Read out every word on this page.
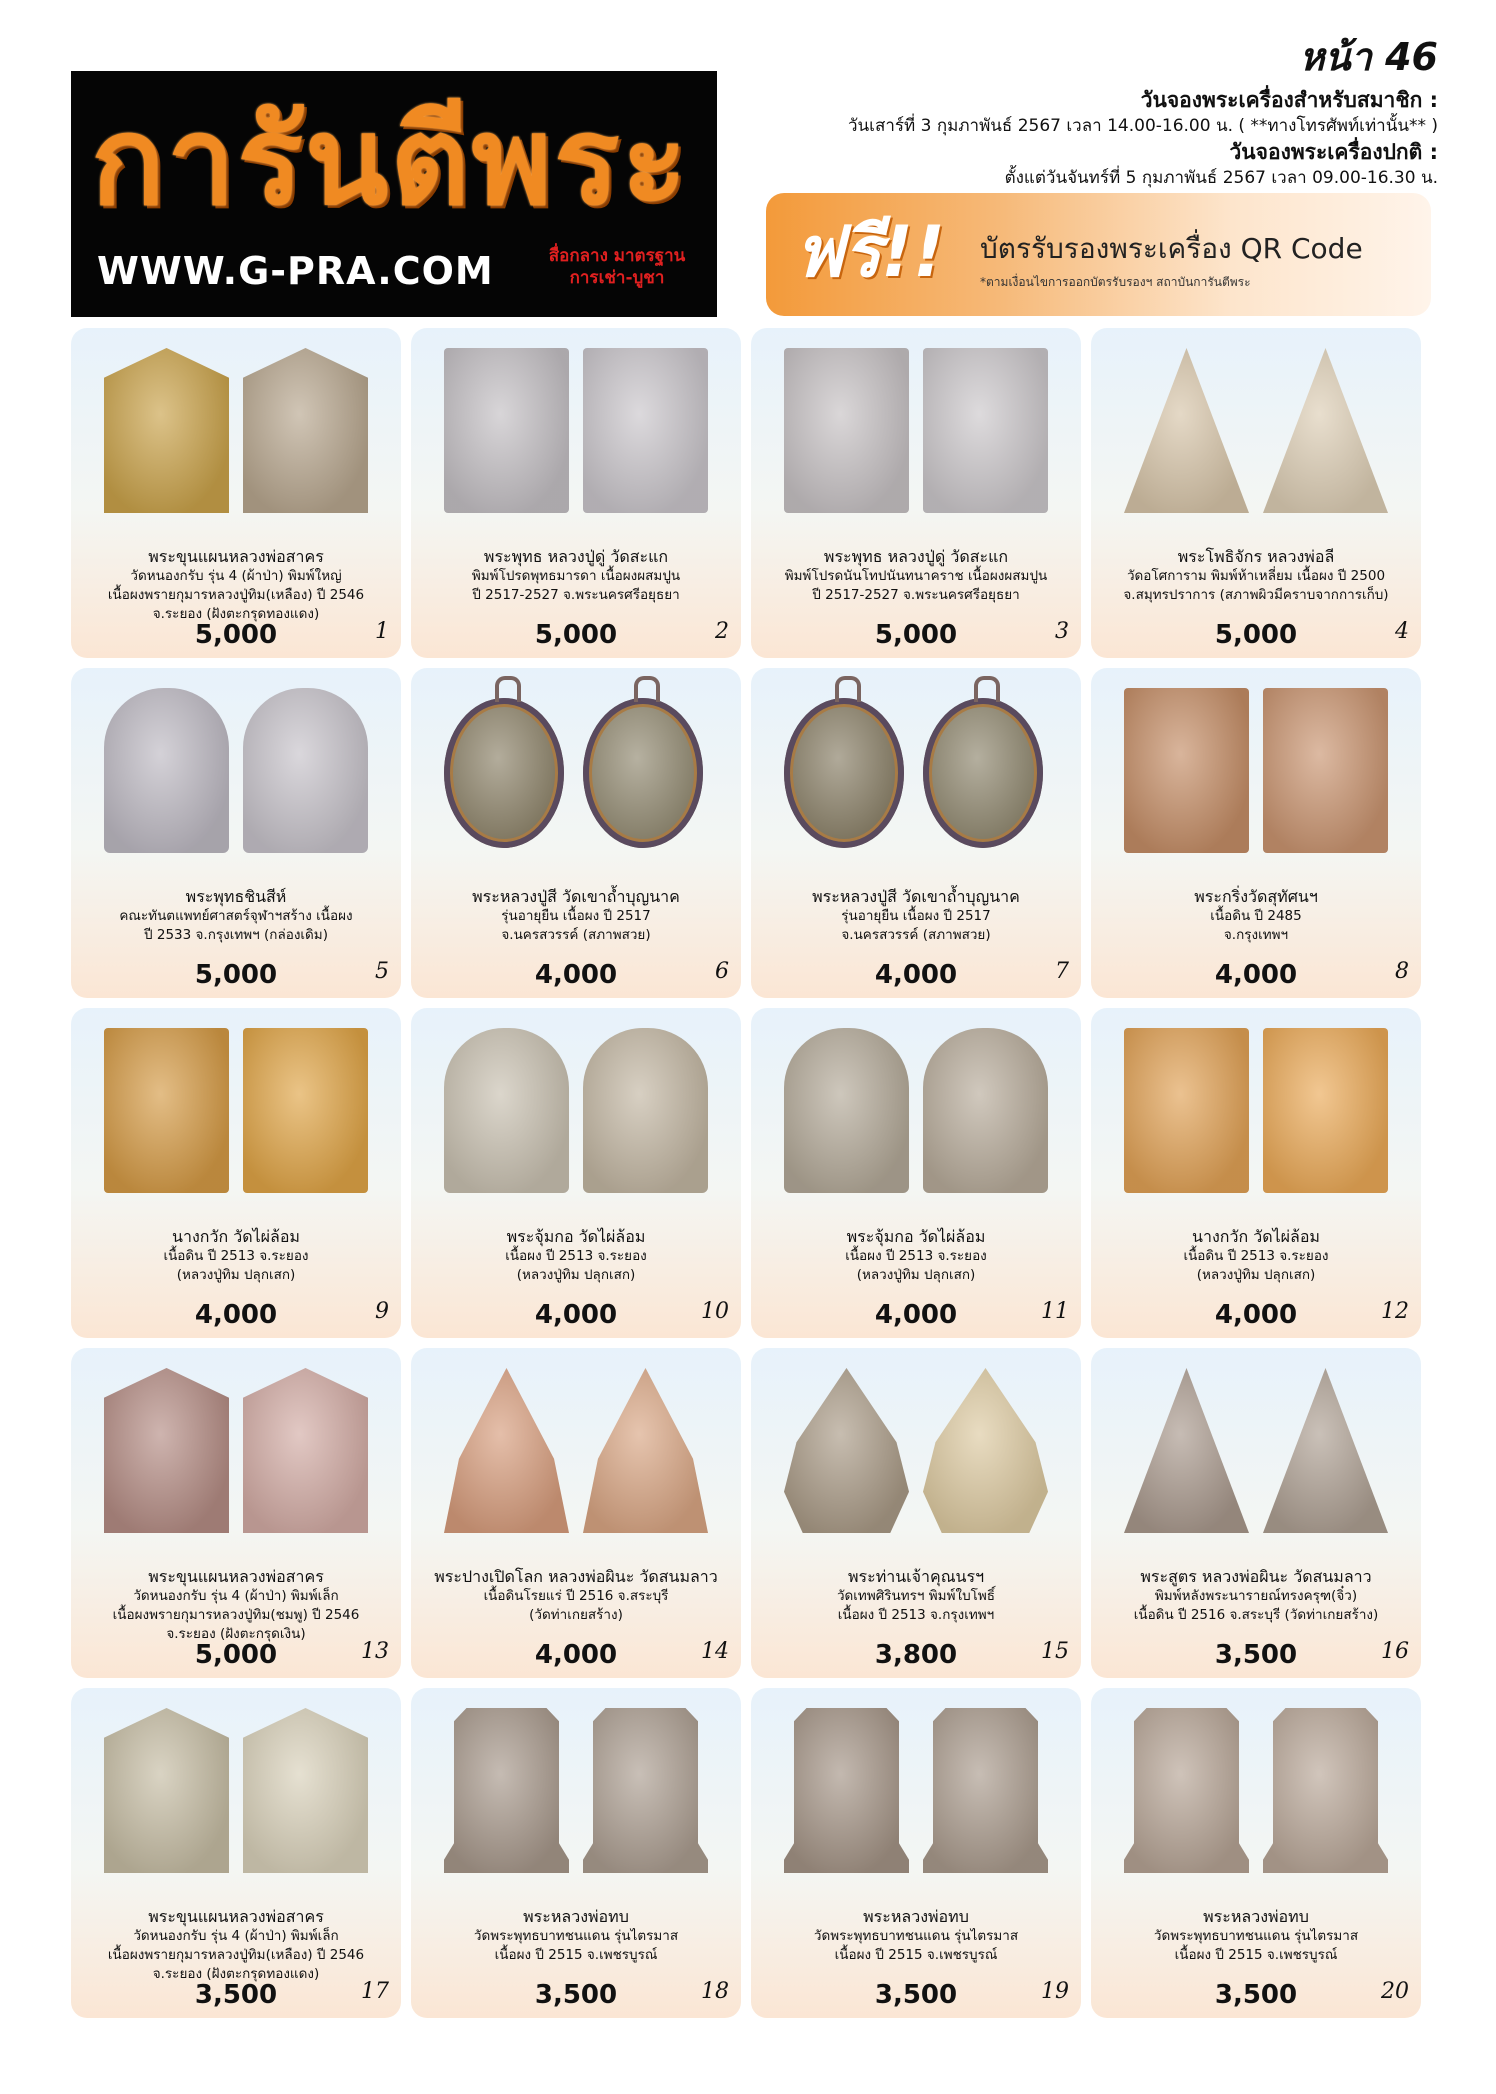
หน้า 46
การันตีพระ
WWW.G-PRA.COM	สื่อกลาง มาตรฐาน
การเช่า-บูชา
วันจองพระเครื่องสำหรับสมาชิก :
วันเสาร์ที่ 3 กุมภาพันธ์ 2567 เวลา 14.00-16.00 น. ( **ทางโทรศัพท์เท่านั้น** )
วันจองพระเครื่องปกติ :
ตั้งแต่วันจันทร์ที่ 5 กุมภาพันธ์ 2567 เวลา 09.00-16.30 น.
ฟรี!! บัตรรับรองพระเครื่อง QR Code
*ตามเงื่อนไขการออกบัตรรับรองฯ สถาบันการันตีพระ
พระขุนแผนหลวงพ่อสาคร
วัดหนองกรับ รุ่น 4 (ผ้าป่า) พิมพ์ใหญ่
เนื้อผงพรายกุมารหลวงปู่ทิม(เหลือง) ปี 2546
จ.ระยอง (ฝังตะกรุดทองแดง)
5,000	1
พระพุทธ หลวงปู่ดู่ วัดสะแก
พิมพ์โปรดพุทธมารดา เนื้อผงผสมปูน
ปี 2517-2527 จ.พระนครศรีอยุธยา
5,000	2
พระพุทธ หลวงปู่ดู่ วัดสะแก
พิมพ์โปรดนันโทปนันทนาคราช เนื้อผงผสมปูน
ปี 2517-2527 จ.พระนครศรีอยุธยา
5,000	3
พระโพธิจักร หลวงพ่อลี
วัดอโศการาม พิมพ์ห้าเหลี่ยม เนื้อผง ปี 2500
จ.สมุทรปราการ (สภาพผิวมีคราบจากการเก็บ)
5,000	4
พระพุทธชินสีห์
คณะทันตแพทย์ศาสตร์จุฬาฯสร้าง เนื้อผง
ปี 2533 จ.กรุงเทพฯ (กล่องเดิม)
5,000	5
พระหลวงปู่สี วัดเขาถ้ำบุญนาค
รุ่นอายุยืน เนื้อผง ปี 2517
จ.นครสวรรค์ (สภาพสวย)
4,000	6
พระหลวงปู่สี วัดเขาถ้ำบุญนาค
รุ่นอายุยืน เนื้อผง ปี 2517
จ.นครสวรรค์ (สภาพสวย)
4,000	7
พระกริ่งวัดสุทัศนฯ
เนื้อดิน ปี 2485
จ.กรุงเทพฯ
4,000	8
นางกวัก วัดไผ่ล้อม
เนื้อดิน ปี 2513 จ.ระยอง
(หลวงปู่ทิม ปลุกเสก)
4,000	9
พระจุ้มกอ วัดไผ่ล้อม
เนื้อผง ปี 2513 จ.ระยอง
(หลวงปู่ทิม ปลุกเสก)
4,000	10
พระจุ้มกอ วัดไผ่ล้อม
เนื้อผง ปี 2513 จ.ระยอง
(หลวงปู่ทิม ปลุกเสก)
4,000	11
นางกวัก วัดไผ่ล้อม
เนื้อดิน ปี 2513 จ.ระยอง
(หลวงปู่ทิม ปลุกเสก)
4,000	12
พระขุนแผนหลวงพ่อสาคร
วัดหนองกรับ รุ่น 4 (ผ้าป่า) พิมพ์เล็ก
เนื้อผงพรายกุมารหลวงปู่ทิม(ชมพู) ปี 2546
จ.ระยอง (ฝังตะกรุดเงิน)
5,000	13
พระปางเปิดโลก หลวงพ่อผินะ วัดสนมลาว
เนื้อดินโรยแร่ ปี 2516 จ.สระบุรี
(วัดท่าเกยสร้าง)
4,000	14
พระท่านเจ้าคุณนรฯ
วัดเทพศิรินทรฯ พิมพ์ใบโพธิ์
เนื้อผง ปี 2513 จ.กรุงเทพฯ
3,800	15
พระสูตร หลวงพ่อผินะ วัดสนมลาว
พิมพ์หลังพระนารายณ์ทรงครุฑ(จิ๋ว)
เนื้อดิน ปี 2516 จ.สระบุรี (วัดท่าเกยสร้าง)
3,500	16
พระขุนแผนหลวงพ่อสาคร
วัดหนองกรับ รุ่น 4 (ผ้าป่า) พิมพ์เล็ก
เนื้อผงพรายกุมารหลวงปู่ทิม(เหลือง) ปี 2546
จ.ระยอง (ฝังตะกรุดทองแดง)
3,500	17
พระหลวงพ่อทบ
วัดพระพุทธบาทชนแดน รุ่นไตรมาส
เนื้อผง ปี 2515 จ.เพชรบูรณ์
3,500	18
พระหลวงพ่อทบ
วัดพระพุทธบาทชนแดน รุ่นไตรมาส
เนื้อผง ปี 2515 จ.เพชรบูรณ์
3,500	19
พระหลวงพ่อทบ
วัดพระพุทธบาทชนแดน รุ่นไตรมาส
เนื้อผง ปี 2515 จ.เพชรบูรณ์
3,500	20
